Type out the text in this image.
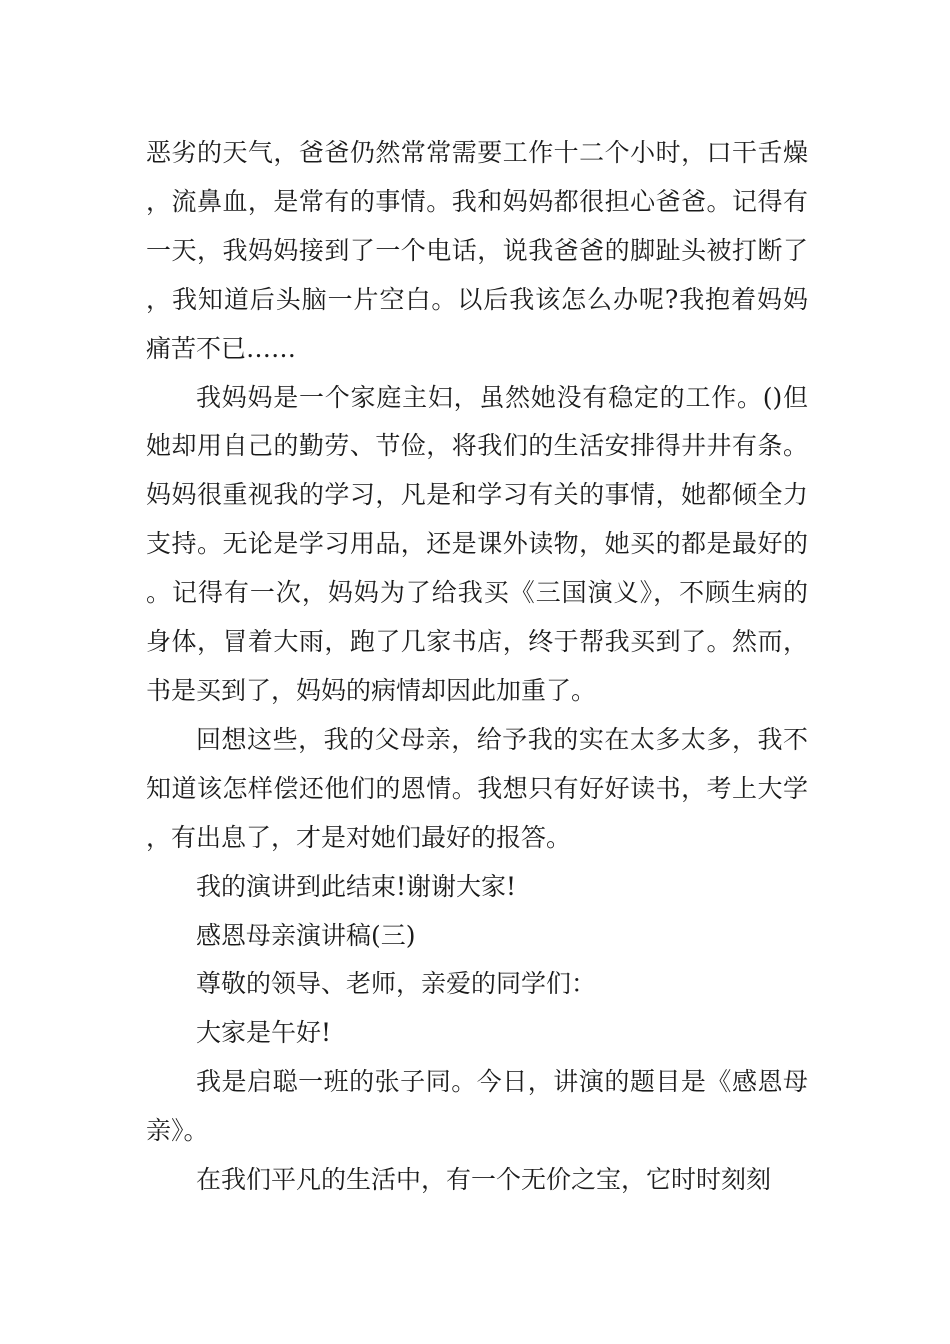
恶劣的天气，爸爸仍然常常需要工作十二个小时，口干舌燥，流鼻血，是常有的事情。我和妈妈都很担心爸爸。记得有一天，我妈妈接到了一个电话，说我爸爸的脚趾头被打断了，我知道后头脑一片空白。以后我该怎么办呢?我抱着妈妈痛苦不已……

我妈妈是一个家庭主妇，虽然她没有稳定的工作。()但她却用自己的勤劳、节俭，将我们的生活安排得井井有条。妈妈很重视我的学习，凡是和学习有关的事情，她都倾全力支持。无论是学习用品，还是课外读物，她买的都是最好的。记得有一次，妈妈为了给我买《三国演义》，不顾生病的身体，冒着大雨，跑了几家书店，终于帮我买到了。然而，书是买到了，妈妈的病情却因此加重了。

回想这些，我的父母亲，给予我的实在太多太多，我不知道该怎样偿还他们的恩情。我想只有好好读书，考上大学，有出息了，才是对她们最好的报答。

我的演讲到此结束!谢谢大家!

感恩母亲演讲稿(三)

尊敬的领导、老师，亲爱的同学们：

大家是午好!

我是启聪一班的张子同。今日，讲演的题目是《感恩母亲》。

在我们平凡的生活中，有一个无价之宝，它时时刻刻
